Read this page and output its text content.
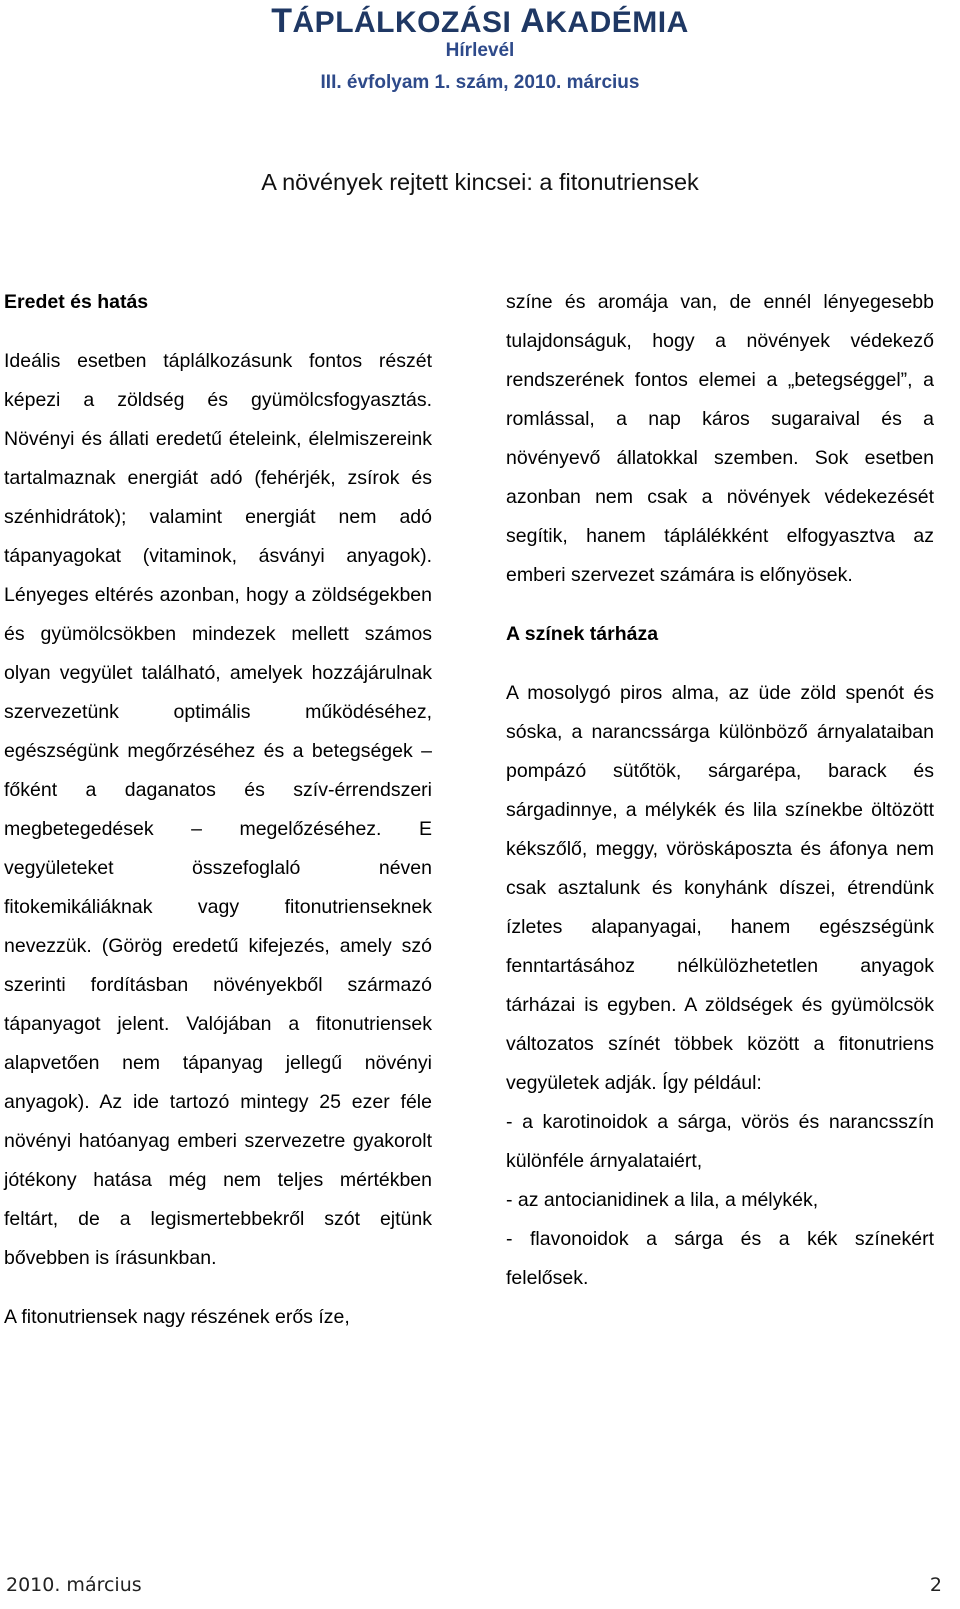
TÁPLÁLKOZÁSI AKADÉMIA
Hírlevél
III. évfolyam 1. szám, 2010. március
A növények rejtett kincsei: a fitonutriensek
Eredet és hatás

Ideális esetben táplálkozásunk fontos részét képezi a zöldség és gyümölcsfogyasztás. Növényi és állati eredetű ételeink, élelmiszereink tartalmaznak energiát adó (fehérjék, zsírok és szénhidrátok); valamint energiát nem adó tápanyagokat (vitaminok, ásványi anyagok). Lényeges eltérés azonban, hogy a zöldségekben és gyümölcsökben mindezek mellett számos olyan vegyület található, amelyek hozzájárulnak szervezetünk optimális működéséhez, egészségünk megőrzéséhez és a betegségek – főként a daganatos és szív-érrendszeri megbetegedések – megelőzéséhez. E vegyületeket összefoglaló néven fitokemikáliáknak vagy fitonutrienseknek nevezzük. (Görög eredetű kifejezés, amely szó szerinti fordításban növényekből származó tápanyagot jelent. Valójában a fitonutriensek alapvetően nem tápanyag jellegű növényi anyagok). Az ide tartozó mintegy 25 ezer féle növényi hatóanyag emberi szervezetre gyakorolt jótékony hatása még nem teljes mértékben feltárt, de a legismertebbekről szót ejtünk bővebben is írásunkban.

A fitonutriensek nagy részének erős íze,

színe és aromája van, de ennél lényegesebb tulajdonságuk, hogy a növények védekező rendszerének fontos elemei a „betegséggel”, a romlással, a nap káros sugaraival és a növényevő állatokkal szemben. Sok esetben azonban nem csak a növények védekezését segítik, hanem táplálékként elfogyasztva az emberi szervezet számára is előnyösek.

A színek tárháza

A mosolygó piros alma, az üde zöld spenót és sóska, a narancssárga különböző árnyalataiban pompázó sütőtök, sárgarépa, barack és sárgadinnye, a mélykék és lila színekbe öltözött kékszőlő, meggy, vöröskáposzta és áfonya nem csak asztalunk és konyhánk díszei, étrendünk ízletes alapanyagai, hanem egészségünk fenntartásához nélkülözhetetlen anyagok tárházai is egyben. A zöldségek és gyümölcsök változatos színét többek között a fitonutriens vegyületek adják. Így például:

- a karotinoidok a sárga, vörös és narancsszín különféle árnyalataiért,

- az antocianidinek a lila, a mélykék,

- flavonoidok a sárga és a kék színekért felelősek.

2010. március	2
